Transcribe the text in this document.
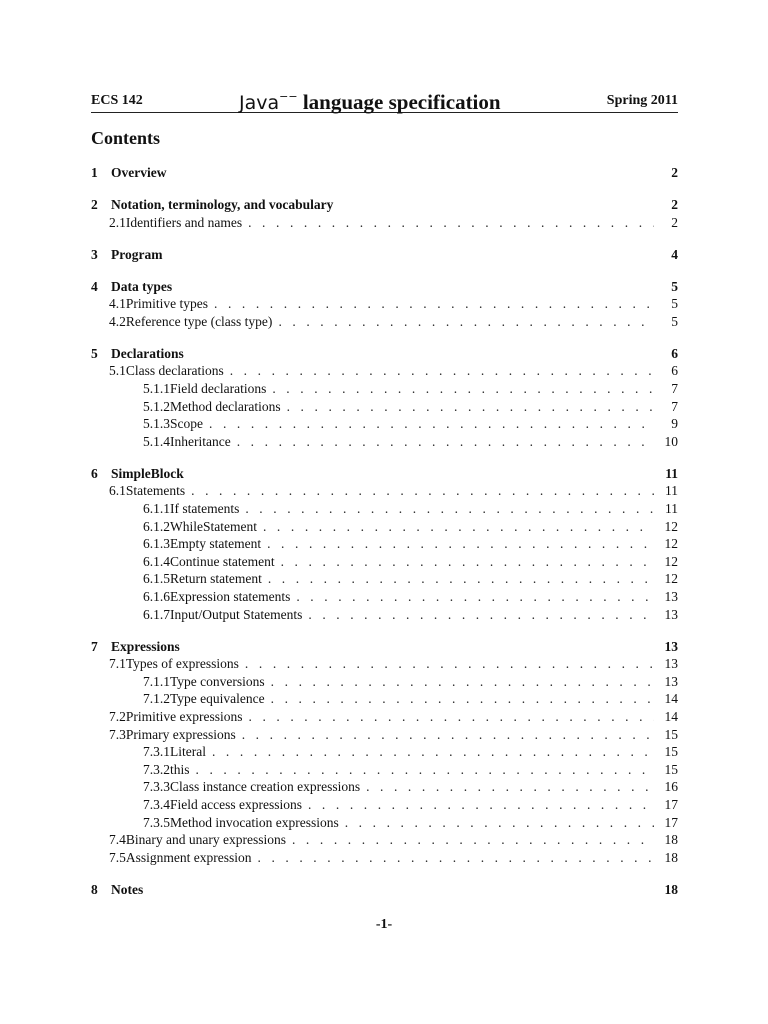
ECS 142	Java−− language specification	Spring 2011
Contents
1 Overview	2
2 Notation, terminology, and vocabulary	2
2.1 Identifiers and names . . .	2
3 Program	4
4 Data types	5
4.1 Primitive types . . .	5
4.2 Reference type (class type) . . .	5
5 Declarations	6
5.1 Class declarations . . .	6
5.1.1 Field declarations . . .	7
5.1.2 Method declarations . . .	7
5.1.3 Scope . . .	9
5.1.4 Inheritance . . .	10
6 SimpleBlock	11
6.1 Statements . . .	11
6.1.1 If statements . . .	11
6.1.2 WhileStatement . . .	12
6.1.3 Empty statement . . .	12
6.1.4 Continue statement . . .	12
6.1.5 Return statement . . .	12
6.1.6 Expression statements . . .	13
6.1.7 Input/Output Statements . . .	13
7 Expressions	13
7.1 Types of expressions . . .	13
7.1.1 Type conversions . . .	13
7.1.2 Type equivalence . . .	14
7.2 Primitive expressions . . .	14
7.3 Primary expressions . . .	15
7.3.1 Literal . . .	15
7.3.2 this . . .	15
7.3.3 Class instance creation expressions . . .	16
7.3.4 Field access expressions . . .	17
7.3.5 Method invocation expressions . . .	17
7.4 Binary and unary expressions . . .	18
7.5 Assignment expression . . .	18
8 Notes	18
-1-
